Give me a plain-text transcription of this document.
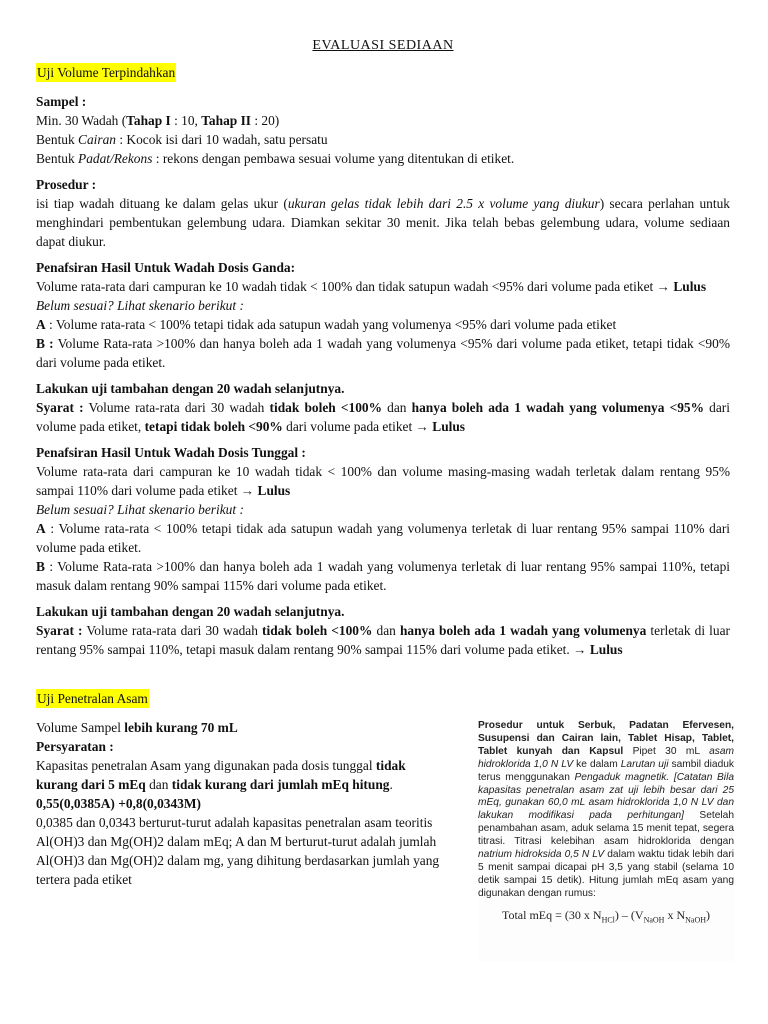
EVALUASI SEDIAAN
Uji Volume Terpindahkan

Sampel :

Min. 30 Wadah (Tahap I : 10, Tahap II : 20)

Bentuk Cairan : Kocok isi dari 10 wadah, satu persatu

Bentuk Padat/Rekons : rekons dengan pembawa sesuai volume yang ditentukan di etiket.

Prosedur :

isi tiap wadah dituang ke dalam gelas ukur (ukuran gelas tidak lebih dari 2.5 x volume yang diukur) secara perlahan untuk menghindari pembentukan gelembung udara. Diamkan sekitar 30 menit. Jika telah bebas gelembung udara, volume sediaan dapat diukur.

Penafsiran Hasil Untuk Wadah Dosis Ganda:

Volume rata-rata dari campuran ke 10 wadah tidak < 100% dan tidak satupun wadah <95% dari volume pada etiket → Lulus

Belum sesuai? Lihat skenario berikut :

A : Volume rata-rata < 100% tetapi tidak ada satupun wadah yang volumenya <95% dari volume pada etiket

B : Volume Rata-rata >100% dan hanya boleh ada 1 wadah yang volumenya <95% dari volume pada etiket, tetapi tidak <90% dari volume pada etiket.

Lakukan uji tambahan dengan 20 wadah selanjutnya.

Syarat : Volume rata-rata dari 30 wadah tidak boleh <100% dan hanya boleh ada 1 wadah yang volumenya <95% dari volume pada etiket, tetapi tidak boleh <90% dari volume pada etiket → Lulus

Penafsiran Hasil Untuk Wadah Dosis Tunggal :

Volume rata-rata dari campuran ke 10 wadah tidak < 100% dan volume masing-masing wadah terletak dalam rentang 95% sampai 110% dari volume pada etiket → Lulus

Belum sesuai? Lihat skenario berikut :

A : Volume rata-rata < 100% tetapi tidak ada satupun wadah yang volumenya terletak di luar rentang 95% sampai 110% dari volume pada etiket.

B : Volume Rata-rata >100% dan hanya boleh ada 1 wadah yang volumenya terletak di luar rentang 95% sampai 110%, tetapi masuk dalam rentang 90% sampai 115% dari volume pada etiket.

Lakukan uji tambahan dengan 20 wadah selanjutnya.

Syarat : Volume rata-rata dari 30 wadah tidak boleh <100% dan hanya boleh ada 1 wadah yang volumenya terletak di luar rentang 95% sampai 110%, tetapi masuk dalam rentang 90% sampai 115% dari volume pada etiket. → Lulus

Uji Penetralan Asam

Volume Sampel lebih kurang 70 mL

Persyaratan :

Kapasitas penetralan Asam yang digunakan pada dosis tunggal tidak kurang dari 5 mEq dan tidak kurang dari jumlah mEq hitung.

0,55(0,0385A) +0,8(0,0343M)

0,0385 dan 0,0343 berturut-turut adalah kapasitas penetralan asam teoritis Al(OH)3 dan Mg(OH)2 dalam mEq; A dan M berturut-turut adalah jumlah Al(OH)3 dan Mg(OH)2 dalam mg, yang dihitung berdasarkan jumlah yang tertera pada etiket

Prosedur untuk Serbuk, Padatan Efervesen, Susupensi dan Cairan lain, Tablet Hisap, Tablet, Tablet kunyah dan Kapsul Pipet 30 mL asam hidroklorida 1,0 N LV ke dalam Larutan uji sambil diaduk terus menggunakan Pengaduk magnetik. [Catatan Bila kapasitas penetralan asam zat uji lebih besar dari 25 mEq, gunakan 60,0 mL asam hidroklorida 1,0 N LV dan lakukan modifikasi pada perhitungan] Setelah penambahan asam, aduk selama 15 menit tepat, segera titrasi. Titrasi kelebihan asam hidroklorida dengan natrium hidroksida 0,5 N LV dalam waktu tidak lebih dari 5 menit sampai dicapai pH 3,5 yang stabil (selama 10 detik sampai 15 detik). Hitung jumlah mEq asam yang digunakan dengan rumus:
Total mEq = (30 x $N_{HCl}) - (V_{NaOH}$ x $N_{NaOH}$)
